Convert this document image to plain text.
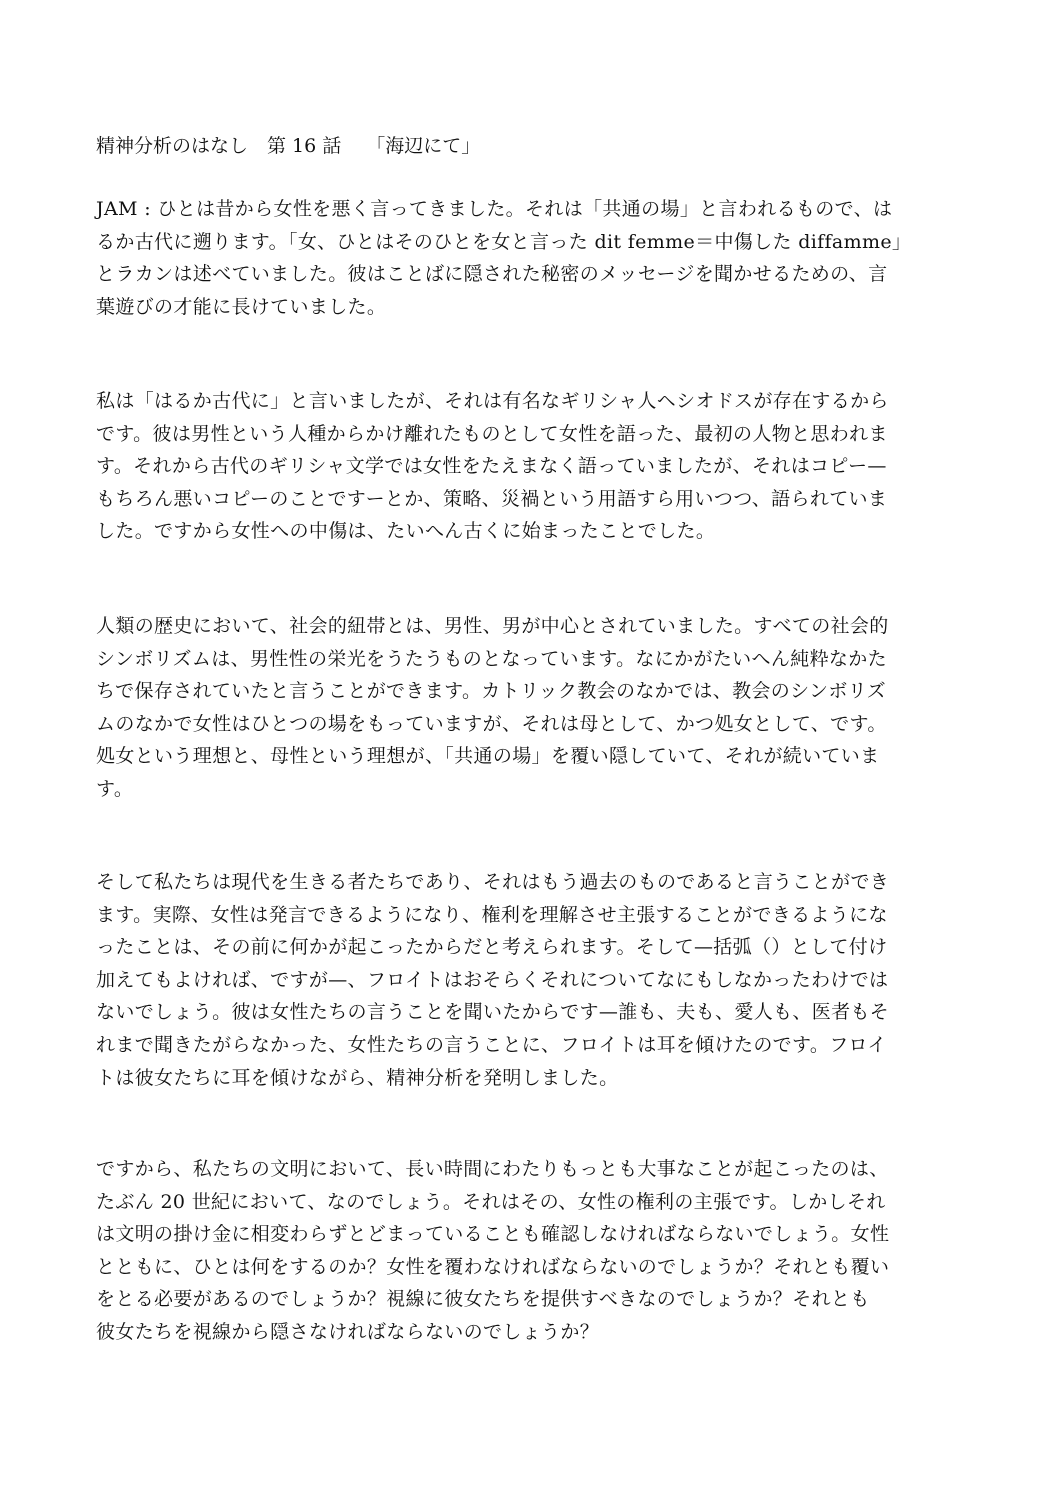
精神分析のはなし　第 16 話　 「海辺にて」
JAM : ひとは昔から女性を悪く言ってきました。それは「共通の場」と言われるもので、は
るか古代に遡ります。「女、ひとはそのひとを女と言った dit femme＝中傷した diffamme」
とラカンは述べていました。彼はことばに隠された秘密のメッセージを聞かせるための、言
葉遊びの才能に長けていました。
私は「はるか古代に」と言いましたが、それは有名なギリシャ人ヘシオドスが存在するから
です。彼は男性という人種からかけ離れたものとして女性を語った、最初の人物と思われま
す。それから古代のギリシャ文学では女性をたえまなく語っていましたが、それはコピー—
もちろん悪いコピーのことですーとか、策略、災禍という用語すら用いつつ、語られていま
した。ですから女性への中傷は、たいへん古くに始まったことでした。
人類の歴史において、社会的紐帯とは、男性、男が中心とされていました。すべての社会的
シンボリズムは、男性性の栄光をうたうものとなっています。なにかがたいへん純粋なかた
ちで保存されていたと言うことができます。カトリック教会のなかでは、教会のシンボリズ
ムのなかで女性はひとつの場をもっていますが、それは母として、かつ処女として、です。
処女という理想と、母性という理想が、「共通の場」を覆い隠していて、それが続いていま
す。
そして私たちは現代を生きる者たちであり、それはもう過去のものであると言うことができ
ます。実際、女性は発言できるようになり、権利を理解させ主張することができるようにな
ったことは、その前に何かが起こったからだと考えられます。そして—括弧（）として付け
加えてもよければ、ですが—、フロイトはおそらくそれについてなにもしなかったわけでは
ないでしょう。彼は女性たちの言うことを聞いたからです—誰も、夫も、愛人も、医者もそ
れまで聞きたがらなかった、女性たちの言うことに、フロイトは耳を傾けたのです。フロイ
トは彼女たちに耳を傾けながら、精神分析を発明しました。
ですから、私たちの文明において、長い時間にわたりもっとも大事なことが起こったのは、
たぶん 20 世紀において、なのでしょう。それはその、女性の権利の主張です。しかしそれ
は文明の掛け金に相変わらずとどまっていることも確認しなければならないでしょう。女性
とともに、ひとは何をするのか？女性を覆わなければならないのでしょうか？それとも覆い
をとる必要があるのでしょうか？視線に彼女たちを提供すべきなのでしょうか？それとも
彼女たちを視線から隠さなければならないのでしょうか？
